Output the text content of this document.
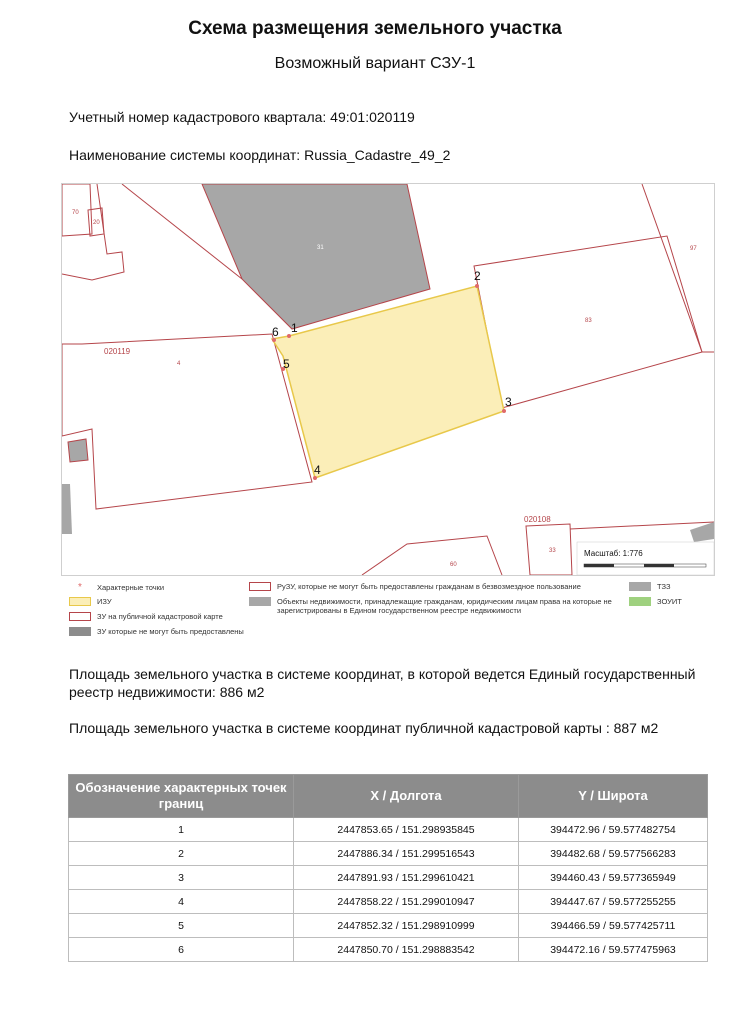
Схема размещения земельного участка
Возможный вариант СЗУ-1
Учетный номер кадастрового квартала: 49:01:020119
Наименование системы координат: Russia_Cadastre_49_2
1
2
3
4
5
6
70
20
31	97
83
4
33
60
020119
020108
Масштаб: 1:776
*	Характерные точки
ИЗУ
ЗУ на публичной кадастровой карте
ЗУ которые не могут быть предоставлены
РуЗУ, которые не могут быть предоставлены гражданам в безвозмездное пользование
Объекты недвижимости, принадлежащие гражданам, юридическим лицам права на которые не зарегистрированы в Едином государственном реестре недвижимости
ТЗЗ
ЗОУИТ
Площадь земельного участка в системе координат, в которой ведется Единый государственный реестр недвижимости: 886 м2
Площадь земельного участка в системе координат публичной кадастровой карты : 887 м2
Обозначение характерных точек границ	X / Долгота	Y / Широта
1	2447853.65 / 151.298935845	394472.96 / 59.577482754
2	2447886.34 / 151.299516543	394482.68 / 59.577566283
3	2447891.93 / 151.299610421	394460.43 / 59.577365949
4	2447858.22 / 151.299010947	394447.67 / 59.577255255
5	2447852.32 / 151.298910999	394466.59 / 59.577425711
6	2447850.70 / 151.298883542	394472.16 / 59.577475963
